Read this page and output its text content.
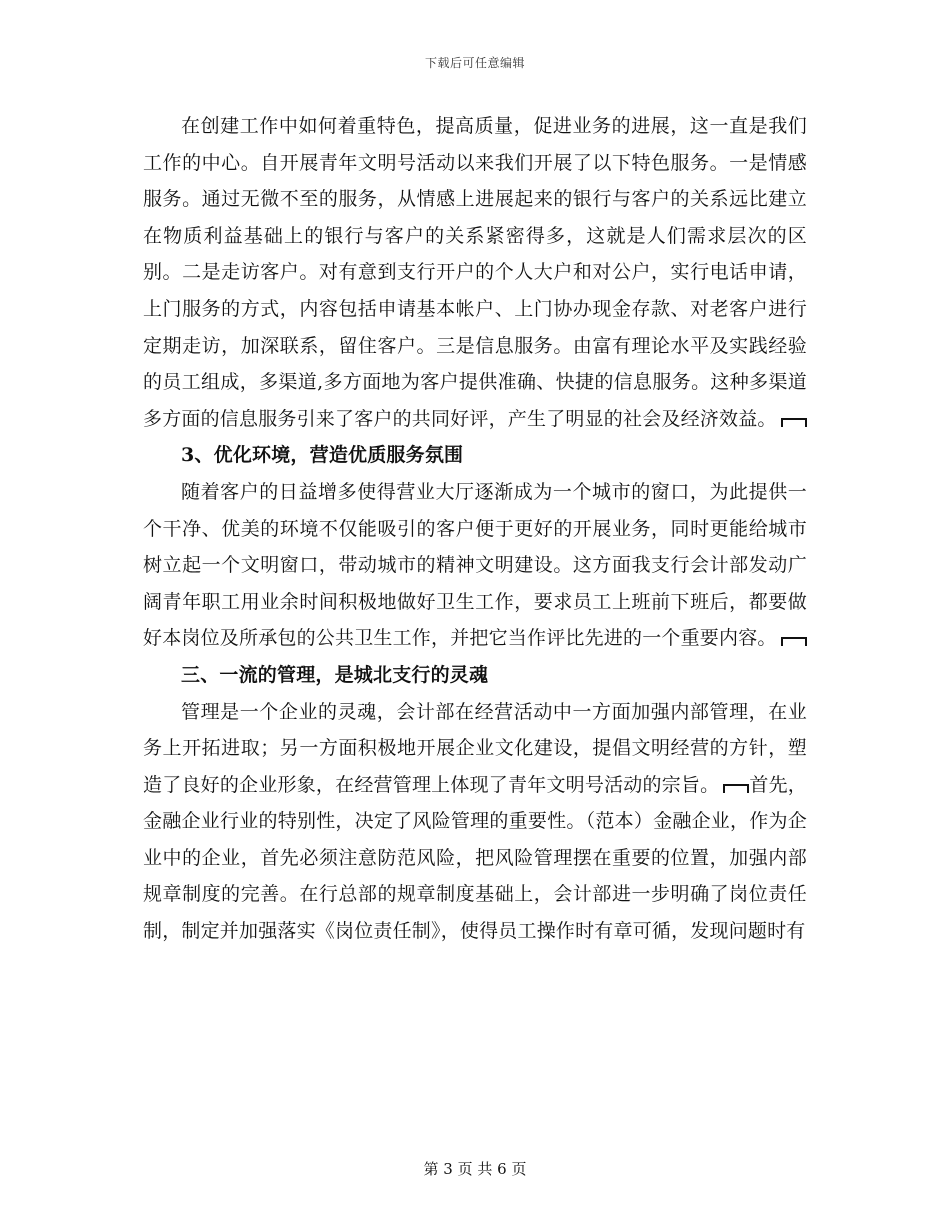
下载后可任意编辑

在创建工作中如何着重特色，提高质量，促进业务的进展，这一直是我们工作的中心。自开展青年文明号活动以来我们开展了以下特色服务。一是情感服务。通过无微不至的服务，从情感上进展起来的银行与客户的关系远比建立在物质利益基础上的银行与客户的关系紧密得多，这就是人们需求层次的区别。二是走访客户。对有意到支行开户的个人大户和对公户，实行电话申请，上门服务的方式，内容包括申请基本帐户、上门协办现金存款、对老客户进行定期走访，加深联系，留住客户。三是信息服务。由富有理论水平及实践经验的员工组成，多渠道,多方面地为客户提供准确、快捷的信息服务。这种多渠道多方面的信息服务引来了客户的共同好评，产生了明显的社会及经济效益。

3、优化环境，营造优质服务氛围

随着客户的日益增多使得营业大厅逐渐成为一个城市的窗口，为此提供一个干净、优美的环境不仅能吸引的客户便于更好的开展业务，同时更能给城市树立起一个文明窗口，带动城市的精神文明建设。这方面我支行会计部发动广阔青年职工用业余时间积极地做好卫生工作，要求员工上班前下班后，都要做好本岗位及所承包的公共卫生工作，并把它当作评比先进的一个重要内容。

三、一流的管理，是城北支行的灵魂

管理是一个企业的灵魂，会计部在经营活动中一方面加强内部管理，在业务上开拓进取；另一方面积极地开展企业文化建设，提倡文明经营的方针，塑造了良好的企业形象，在经营管理上体现了青年文明号活动的宗旨。 首先，金融企业行业的特别性，决定了风险管理的重要性。（范本）金融企业，作为企业中的企业，首先必须注意防范风险，把风险管理摆在重要的位置，加强内部规章制度的完善。在行总部的规章制度基础上，会计部进一步明确了岗位责任制，制定并加强落实《岗位责任制》，使得员工操作时有章可循，发现问题时有

第 3 页 共 6 页
